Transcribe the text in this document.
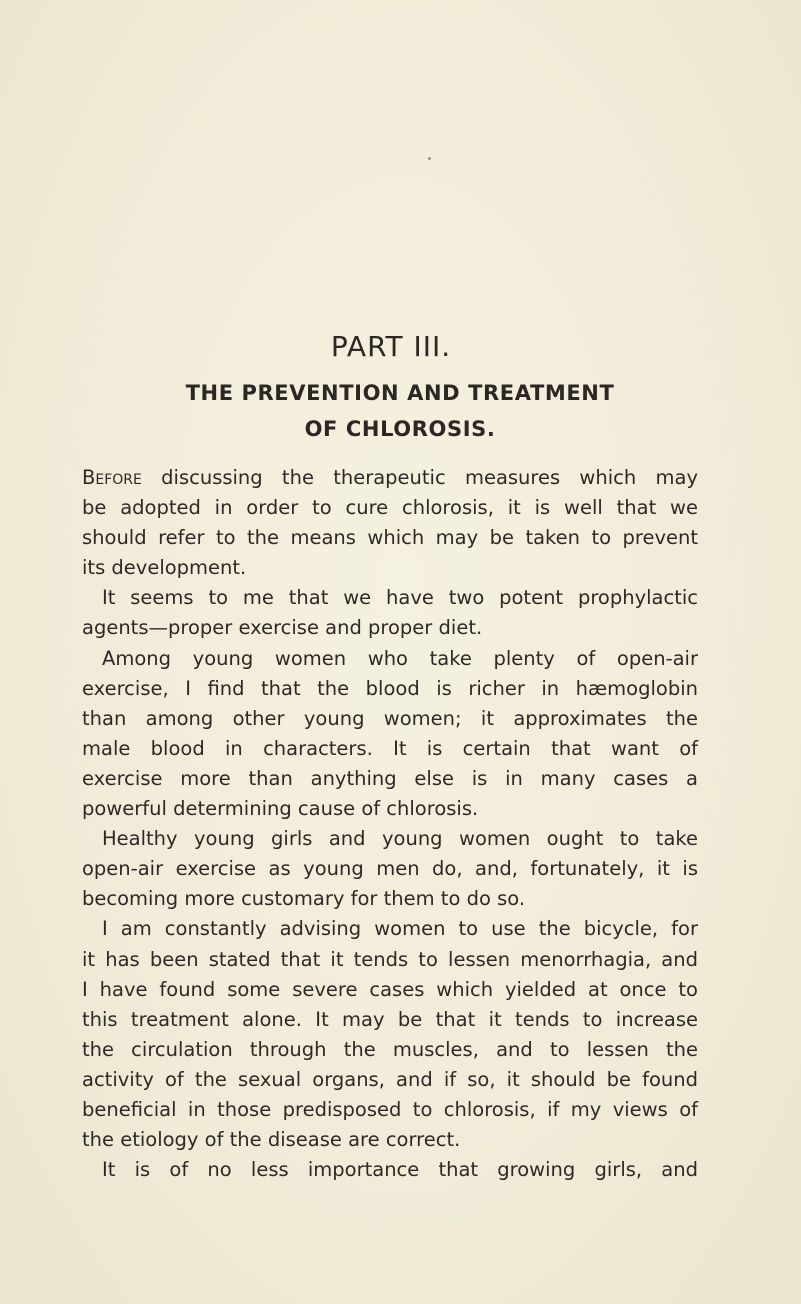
PART III.
THE PREVENTION AND TREATMENT
OF CHLOROSIS.
Before discussing the therapeutic measures which may
be adopted in order to cure chlorosis, it is well that we
should refer to the means which may be taken to prevent
its development.
It seems to me that we have two potent prophylactic
agents—proper exercise and proper diet.
Among young women who take plenty of open-air
exercise, I find that the blood is richer in hæmoglobin
than among other young women; it approximates the
male blood in characters. It is certain that want of
exercise more than anything else is in many cases a
powerful determining cause of chlorosis.
Healthy young girls and young women ought to take
open-air exercise as young men do, and, fortunately, it is
becoming more customary for them to do so.
I am constantly advising women to use the bicycle, for
it has been stated that it tends to lessen menorrhagia, and
I have found some severe cases which yielded at once to
this treatment alone. It may be that it tends to increase
the circulation through the muscles, and to lessen the
activity of the sexual organs, and if so, it should be found
beneficial in those predisposed to chlorosis, if my views of
the etiology of the disease are correct.
It is of no less importance that growing girls, and
